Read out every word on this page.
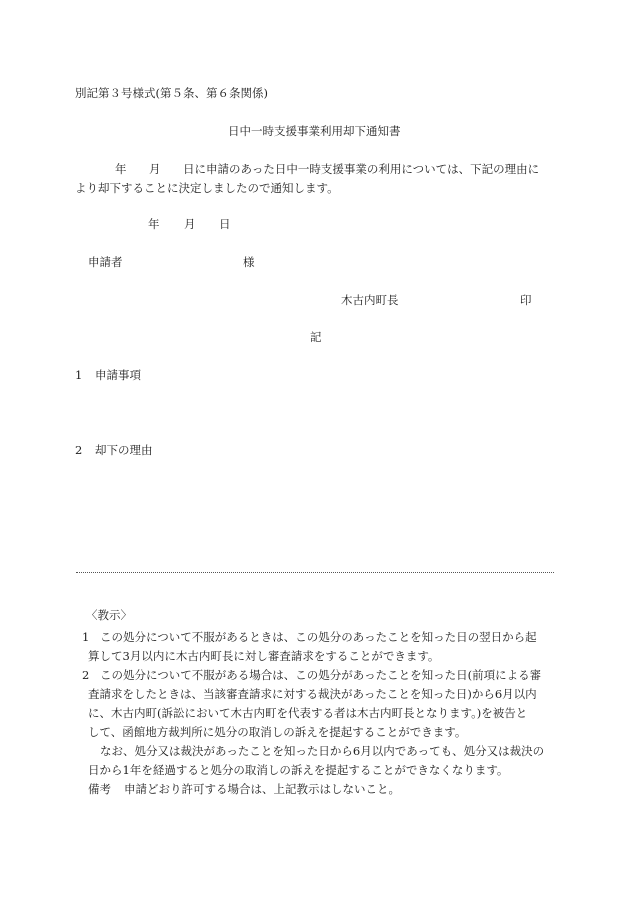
別記第３号様式(第５条、第６条関係)
日中一時支援事業利用却下通知書
年 月 日に申請のあった日中一時支援事業の利用については、下記の理由に
より却下することに決定しましたので通知します。
年 月 日
申請者	様
木古内町長	印
記
1 申請事項
2 却下の理由
〈教示〉
1 この処分について不服があるときは、この処分のあったことを知った日の翌日から起
算して3月以内に木古内町長に対し審査請求をすることができます。
2 この処分について不服がある場合は、この処分があったことを知った日(前項による審
査請求をしたときは、当該審査請求に対する裁決があったことを知った日)から6月以内
に、木古内町(訴訟において木古内町を代表する者は木古内町長となります。)を被告と
して、函館地方裁判所に処分の取消しの訴えを提起することができます。
なお、処分又は裁決があったことを知った日から6月以内であっても、処分又は裁決の
日から1年を経過すると処分の取消しの訴えを提起することができなくなります。
備考 申請どおり許可する場合は、上記教示はしないこと。
